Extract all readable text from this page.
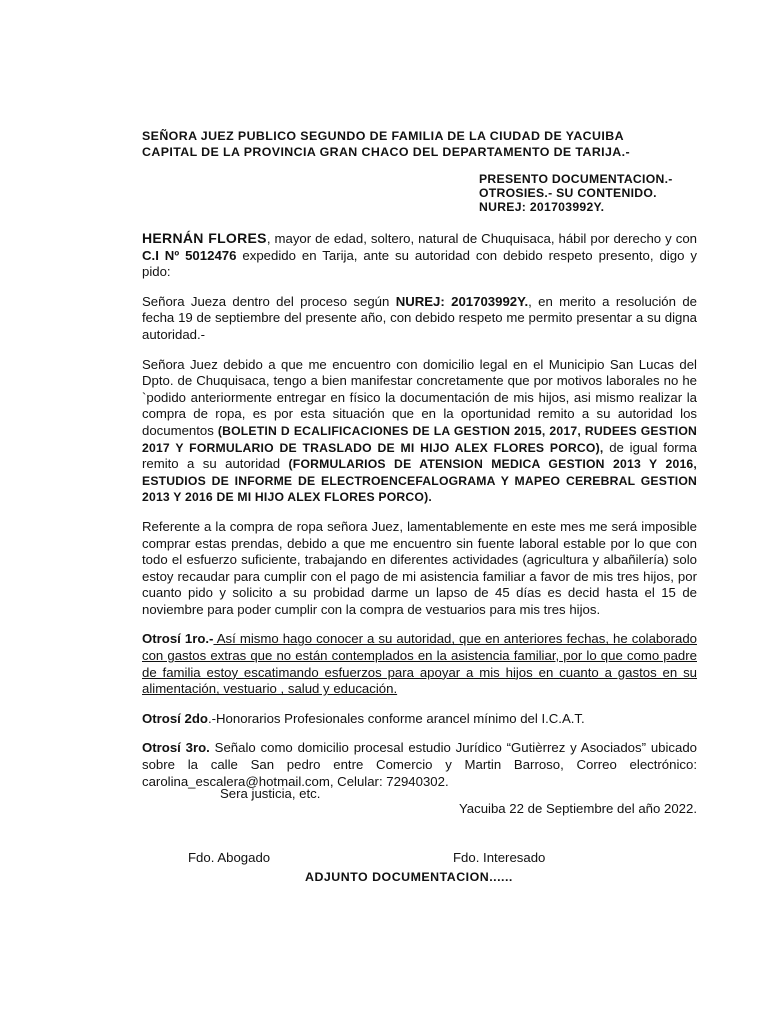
SEÑORA JUEZ PUBLICO SEGUNDO DE FAMILIA DE LA CIUDAD DE YACUIBA
CAPITAL DE LA PROVINCIA GRAN CHACO DEL DEPARTAMENTO DE TARIJA.-
PRESENTO DOCUMENTACION.-
OTROSIES.- SU CONTENIDO.
NUREJ: 201703992Y.

HERNÁN FLORES, mayor de edad, soltero, natural de Chuquisaca, hábil por derecho y con C.I Nº 5012476 expedido en Tarija, ante su autoridad con debido respeto presento, digo y pido:

Señora Jueza dentro del proceso según NUREJ: 201703992Y., en merito a resolución de fecha 19 de septiembre del presente año, con debido respeto me permito presentar a su digna autoridad.-

Señora Juez debido a que me encuentro con domicilio legal en el Municipio San Lucas del Dpto. de Chuquisaca, tengo a bien manifestar concretamente que por motivos laborales no he `podido anteriormente entregar en físico la documentación de mis hijos, asi mismo realizar la compra de ropa, es por esta situación que en la oportunidad remito a su autoridad los documentos (BOLETIN D ECALIFICACIONES DE LA GESTION 2015, 2017, RUDEES GESTION 2017 Y FORMULARIO DE TRASLADO DE MI HIJO ALEX FLORES PORCO), de igual forma remito a su autoridad (FORMULARIOS DE ATENSION MEDICA GESTION 2013 Y 2016, ESTUDIOS DE INFORME DE ELECTROENCEFALOGRAMA Y MAPEO CEREBRAL GESTION 2013 Y 2016 DE MI HIJO ALEX FLORES PORCO).

Referente a la compra de ropa señora Juez, lamentablemente en este mes me será imposible comprar estas prendas, debido a que me encuentro sin fuente laboral estable por lo que con todo el esfuerzo suficiente, trabajando en diferentes actividades (agricultura y albañilería) solo estoy recaudar para cumplir con el pago de mi asistencia familiar a favor de mis tres hijos, por cuanto pido y solicito a su probidad darme un lapso de 45 días es decid hasta el 15 de noviembre para poder cumplir con la compra de vestuarios para mis tres hijos.

Otrosí 1ro.- Así mismo hago conocer a su autoridad, que en anteriores fechas, he colaborado con gastos extras que no están contemplados en la asistencia familiar, por lo que como padre de familia estoy escatimando esfuerzos para apoyar a mis hijos en cuanto a gastos en su alimentación, vestuario , salud y educación.

Otrosí 2do.-Honorarios Profesionales conforme arancel mínimo del I.C.A.T.

Otrosí 3ro. Señalo como domicilio procesal estudio Jurídico “Gutièrrez y Asociados” ubicado sobre la calle San pedro entre Comercio y Martin Barroso, Correo electrónico: carolina_escalera@hotmail.com, Celular: 72940302.

Sera justicia, etc.
Yacuiba 22 de Septiembre del año 2022.
Fdo. Abogado	Fdo. Interesado
ADJUNTO DOCUMENTACION......
